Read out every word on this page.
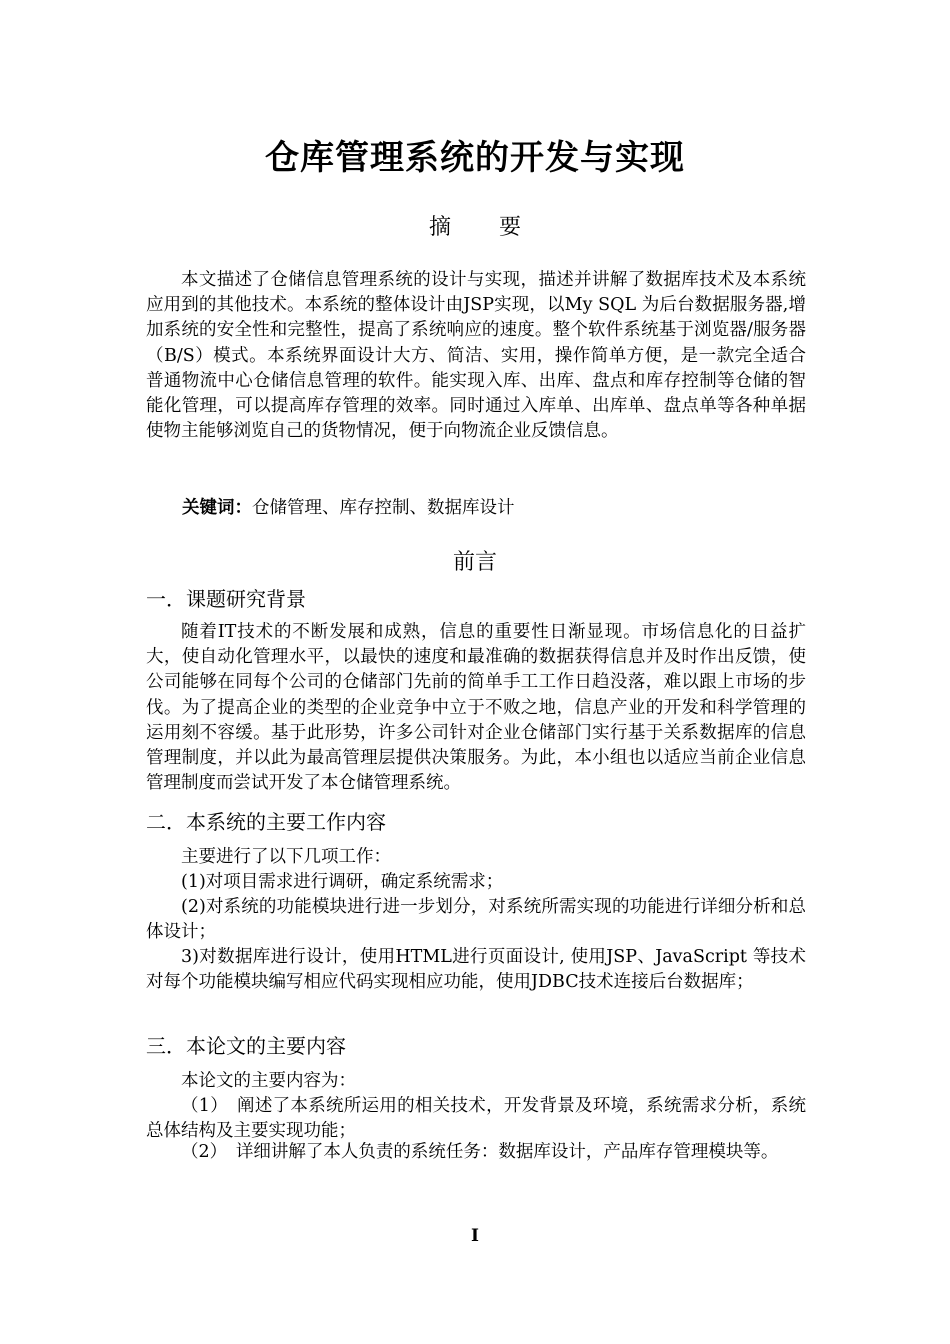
仓库管理系统的开发与实现
摘要

本文描述了仓储信息管理系统的设计与实现，描述并讲解了数据库技术及本系统应用到的其他技术。本系统的整体设计由JSP实现，以My SQL 为后台数据服务器,增加系统的安全性和完整性，提高了系统响应的速度。整个软件系统基于浏览器/服务器（B/S）模式。本系统界面设计大方、简洁、实用，操作简单方便，是一款完全适合普通物流中心仓储信息管理的软件。能实现入库、出库、盘点和库存控制等仓储的智能化管理，可以提高库存管理的效率。同时通过入库单、出库单、盘点单等各种单据使物主能够浏览自己的货物情况，便于向物流企业反馈信息。

关键词：仓储管理、库存控制、数据库设计
前言
一．课题研究背景

随着IT技术的不断发展和成熟，信息的重要性日渐显现。市场信息化的日益扩大，使自动化管理水平，以最快的速度和最准确的数据获得信息并及时作出反馈，使公司能够在同每个公司的仓储部门先前的简单手工工作日趋没落，难以跟上市场的步伐。为了提高企业的类型的企业竞争中立于不败之地，信息产业的开发和科学管理的运用刻不容缓。基于此形势，许多公司针对企业仓储部门实行基于关系数据库的信息管理制度，并以此为最高管理层提供决策服务。为此，本小组也以适应当前企业信息管理制度而尝试开发了本仓储管理系统。

二．本系统的主要工作内容

主要进行了以下几项工作：

(1)对项目需求进行调研，确定系统需求；

(2)对系统的功能模块进行进一步划分，对系统所需实现的功能进行详细分析和总体设计；

3)对数据库进行设计，使用HTML进行页面设计, 使用JSP、JavaScript 等技术对每个功能模块编写相应代码实现相应功能，使用JDBC技术连接后台数据库；

三．本论文的主要内容

本论文的主要内容为：

（1）　阐述了本系统所运用的相关技术，开发背景及环境，系统需求分析，系统总体结构及主要实现功能；

（2）　详细讲解了本人负责的系统任务：数据库设计，产品库存管理模块等。

I
